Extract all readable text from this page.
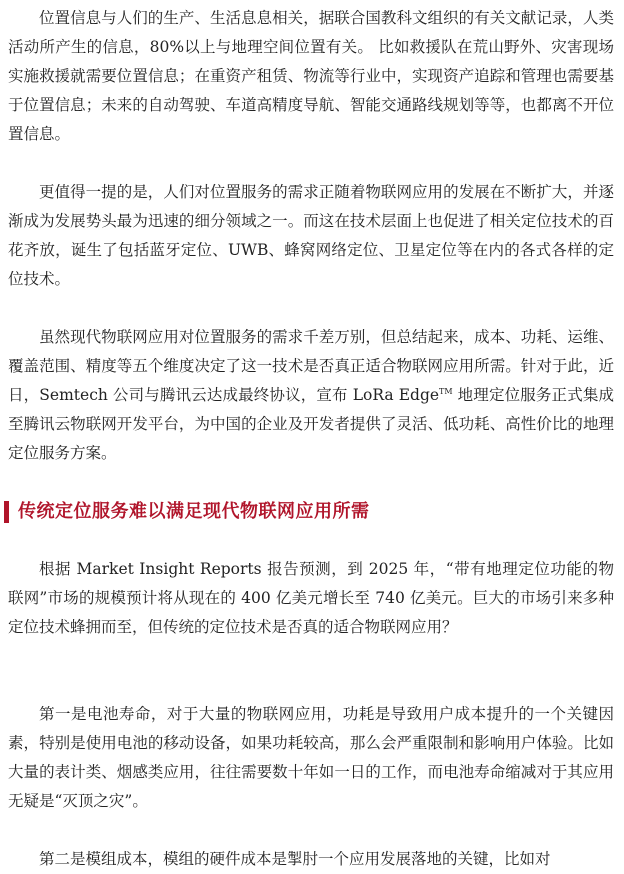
位置信息与人们的生产、生活息息相关，据联合国教科文组织的有关文献记录，人类活动所产生的信息，80%以上与地理空间位置有关。 比如救援队在荒山野外、灾害现场实施救援就需要位置信息；在重资产租赁、物流等行业中，实现资产追踪和管理也需要基于位置信息；未来的自动驾驶、车道高精度导航、智能交通路线规划等等，也都离不开位置信息。

更值得一提的是，人们对位置服务的需求正随着物联网应用的发展在不断扩大，并逐渐成为发展势头最为迅速的细分领域之一。而这在技术层面上也促进了相关定位技术的百花齐放，诞生了包括蓝牙定位、UWB、蜂窝网络定位、卫星定位等在内的各式各样的定位技术。

虽然现代物联网应用对位置服务的需求千差万别，但总结起来，成本、功耗、运维、覆盖范围、精度等五个维度决定了这一技术是否真正适合物联网应用所需。针对于此，近日，Semtech 公司与腾讯云达成最终协议，宣布 LoRa Edge™ 地理定位服务正式集成至腾讯云物联网开发平台，为中国的企业及开发者提供了灵活、低功耗、高性价比的地理定位服务方案。

传统定位服务难以满足现代物联网应用所需

根据 Market Insight Reports 报告预测，到 2025 年，“带有地理定位功能的物联网”市场的规模预计将从现在的 400 亿美元增长至 740 亿美元。巨大的市场引来多种定位技术蜂拥而至，但传统的定位技术是否真的适合物联网应用？

第一是电池寿命，对于大量的物联网应用，功耗是导致用户成本提升的一个关键因素，特别是使用电池的移动设备，如果功耗较高，那么会严重限制和影响用户体验。比如大量的表计类、烟感类应用，往往需要数十年如一日的工作，而电池寿命缩减对于其应用无疑是“灭顶之灾”。

第二是模组成本，模组的硬件成本是掣肘一个应用发展落地的关键，比如对
